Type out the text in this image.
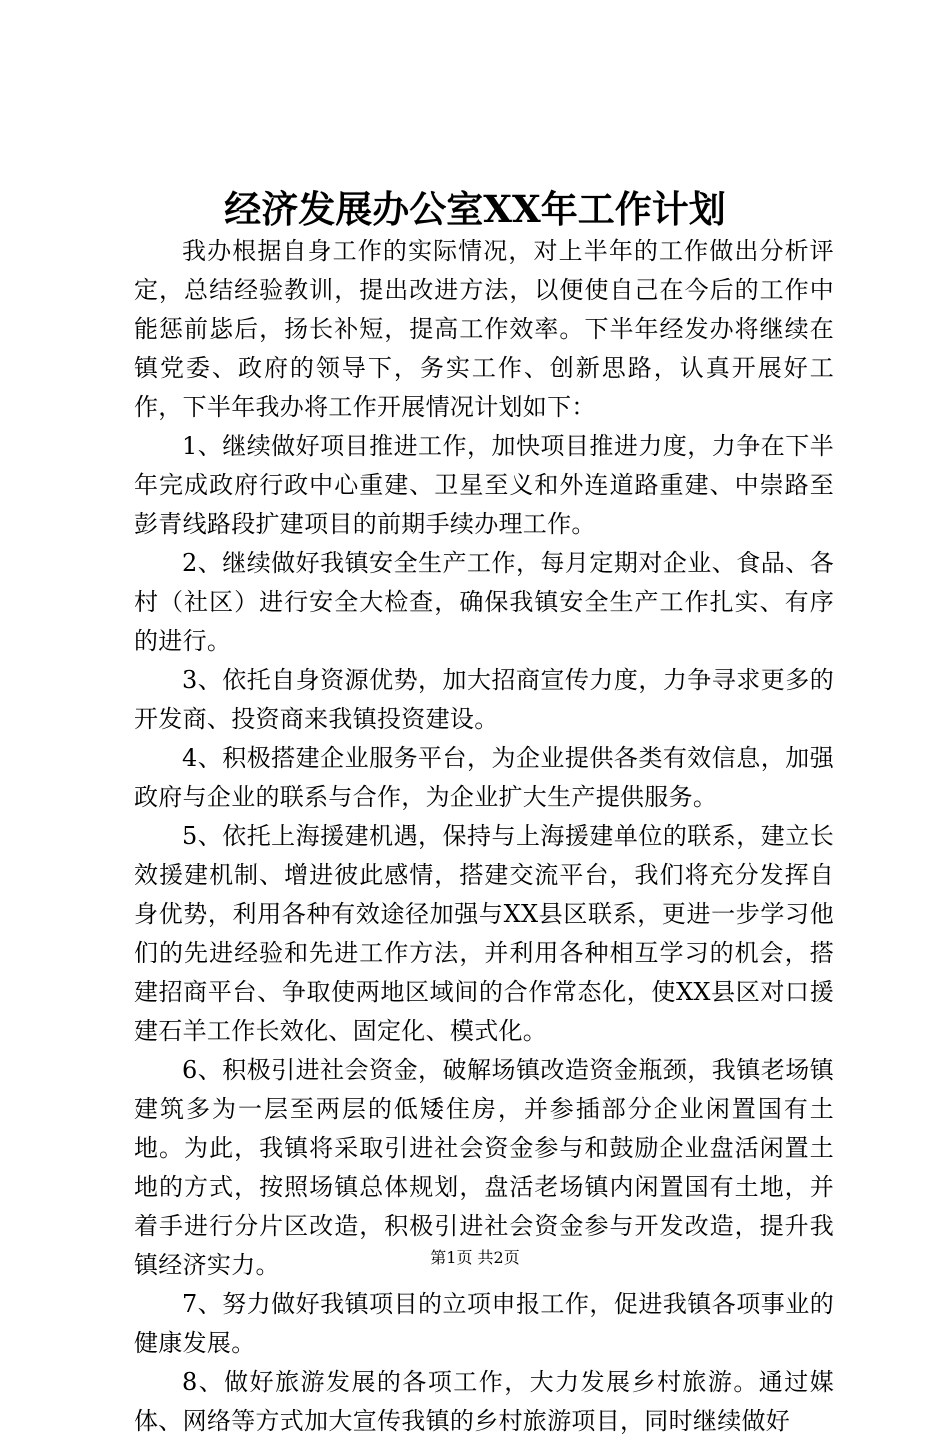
经济发展办公室XX年工作计划

我办根据自身工作的实际情况，对上半年的工作做出分析评定，总结经验教训，提出改进方法，以便使自己在今后的工作中能惩前毖后，扬长补短，提高工作效率。下半年经发办将继续在镇党委、政府的领导下，务实工作、创新思路，认真开展好工作，下半年我办将工作开展情况计划如下：

1、继续做好项目推进工作，加快项目推进力度，力争在下半年完成政府行政中心重建、卫星至义和外连道路重建、中崇路至彭青线路段扩建项目的前期手续办理工作。

2、继续做好我镇安全生产工作，每月定期对企业、食品、各村（社区）进行安全大检查，确保我镇安全生产工作扎实、有序的进行。

3、依托自身资源优势，加大招商宣传力度，力争寻求更多的开发商、投资商来我镇投资建设。

4、积极搭建企业服务平台，为企业提供各类有效信息，加强政府与企业的联系与合作，为企业扩大生产提供服务。

5、依托上海援建机遇，保持与上海援建单位的联系，建立长效援建机制、增进彼此感情，搭建交流平台，我们将充分发挥自身优势，利用各种有效途径加强与XX县区联系，更进一步学习他们的先进经验和先进工作方法，并利用各种相互学习的机会，搭建招商平台、争取使两地区域间的合作常态化，使XX县区对口援建石羊工作长效化、固定化、模式化。

6、积极引进社会资金，破解场镇改造资金瓶颈，我镇老场镇建筑多为一层至两层的低矮住房，并参插部分企业闲置国有土地。为此，我镇将采取引进社会资金参与和鼓励企业盘活闲置土地的方式，按照场镇总体规划，盘活老场镇内闲置国有土地，并着手进行分片区改造，积极引进社会资金参与开发改造，提升我镇经济实力。

7、努力做好我镇项目的立项申报工作，促进我镇各项事业的健康发展。

8、做好旅游发展的各项工作，大力发展乡村旅游。通过媒体、网络等方式加大宣传我镇的乡村旅游项目，同时继续做好

第1页 共2页
